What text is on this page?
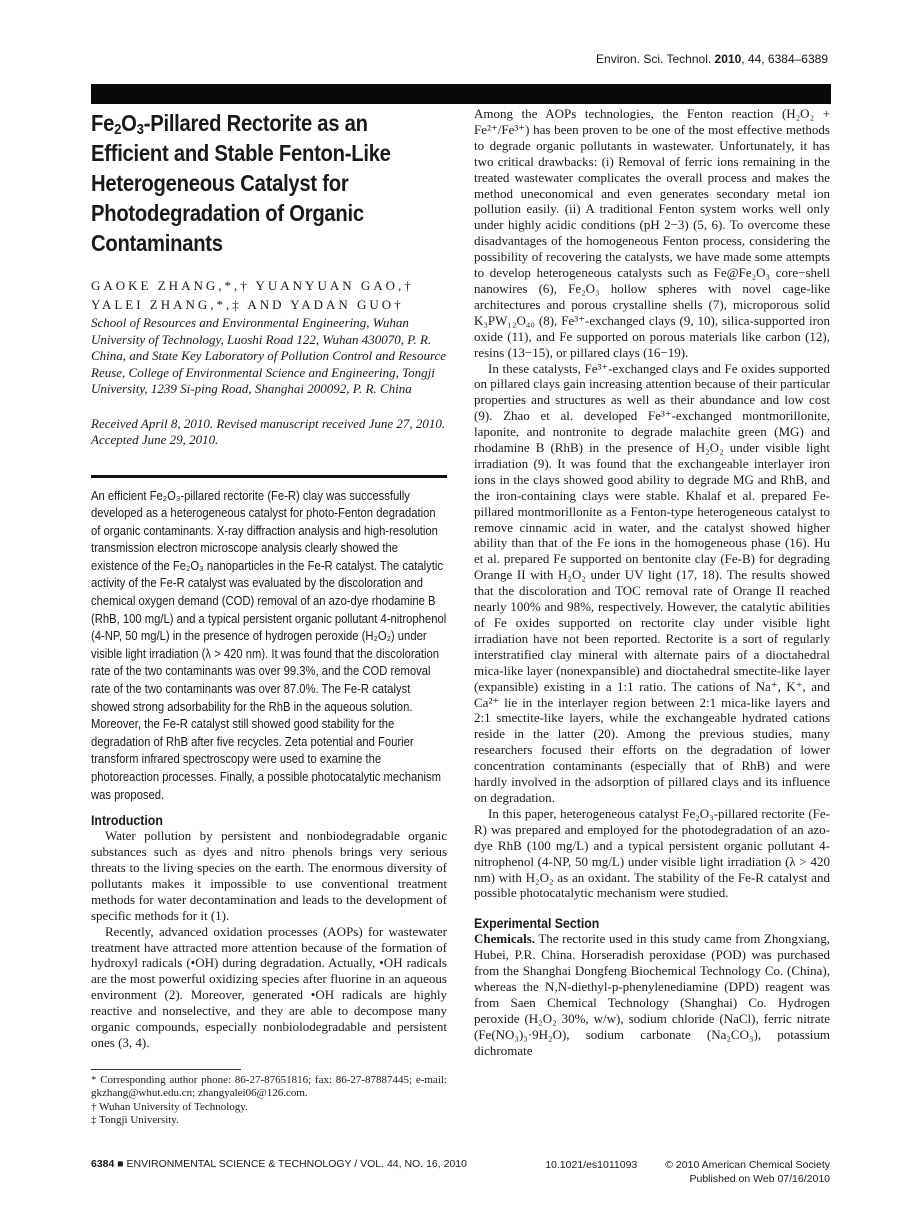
Environ. Sci. Technol. 2010, 44, 6384–6389
$Fe_2O_3$-Pillared Rectorite as an Efficient and Stable Fenton-Like Heterogeneous Catalyst for Photodegradation of Organic Contaminants
GAOKE ZHANG,*,† YUANYUAN GAO,†
YALEI ZHANG,*,‡ AND YADAN GUO†
School of Resources and Environmental Engineering, Wuhan University of Technology, Luoshi Road 122, Wuhan 430070, P. R. China, and State Key Laboratory of Pollution Control and Resource Reuse, College of Environmental Science and Engineering, Tongji University, 1239 Si-ping Road, Shanghai 200092, P. R. China
Received April 8, 2010. Revised manuscript received June 27, 2010. Accepted June 29, 2010.
An efficient Fe₂O₃-pillared rectorite (Fe-R) clay was successfully developed as a heterogeneous catalyst for photo-Fenton degradation of organic contaminants. X-ray diffraction analysis and high-resolution transmission electron microscope analysis clearly showed the existence of the Fe₂O₃ nanoparticles in the Fe-R catalyst. The catalytic activity of the Fe-R catalyst was evaluated by the discoloration and chemical oxygen demand (COD) removal of an azo-dye rhodamine B (RhB, 100 mg/L) and a typical persistent organic pollutant 4-nitrophenol (4-NP, 50 mg/L) in the presence of hydrogen peroxide (H₂O₂) under visible light irradiation (λ > 420 nm). It was found that the discoloration rate of the two contaminants was over 99.3%, and the COD removal rate of the two contaminants was over 87.0%. The Fe-R catalyst showed strong adsorbability for the RhB in the aqueous solution. Moreover, the Fe-R catalyst still showed good stability for the degradation of RhB after five recycles. Zeta potential and Fourier transform infrared spectroscopy were used to examine the photoreaction processes. Finally, a possible photocatalytic mechanism was proposed.
Introduction

Water pollution by persistent and nonbiodegradable organic substances such as dyes and nitro phenols brings very serious threats to the living species on the earth. The enormous diversity of pollutants makes it impossible to use conventional treatment methods for water decontamination and leads to the development of specific methods for it (1).

Recently, advanced oxidation processes (AOPs) for wastewater treatment have attracted more attention because of the formation of hydroxyl radicals (•OH) during degradation. Actually, •OH radicals are the most powerful oxidizing species after fluorine in an aqueous environment (2). Moreover, generated •OH radicals are highly reactive and nonselective, and they are able to decompose many organic compounds, especially nonbiolodegradable and persistent ones (3, 4).

* Corresponding author phone: 86-27-87651816; fax: 86-27-87887445; e-mail: gkzhang@whut.edu.cn; zhangyalei06@126.com.
† Wuhan University of Technology.
‡ Tongji University.

Among the AOPs technologies, the Fenton reaction (H₂O₂ + Fe²⁺/Fe³⁺) has been proven to be one of the most effective methods to degrade organic pollutants in wastewater. Unfortunately, it has two critical drawbacks: (i) Removal of ferric ions remaining in the treated wastewater complicates the overall process and makes the method uneconomical and even generates secondary metal ion pollution easily. (ii) A traditional Fenton system works well only under highly acidic conditions (pH 2−3) (5, 6). To overcome these disadvantages of the homogeneous Fenton process, considering the possibility of recovering the catalysts, we have made some attempts to develop heterogeneous catalysts such as Fe@Fe₂O₃ core−shell nanowires (6), Fe₂O₃ hollow spheres with novel cage-like architectures and porous crystalline shells (7), microporous solid K₃PW₁₂O₄₀ (8), Fe³⁺-exchanged clays (9, 10), silica-supported iron oxide (11), and Fe supported on porous materials like carbon (12), resins (13−15), or pillared clays (16−19).

In these catalysts, Fe³⁺-exchanged clays and Fe oxides supported on pillared clays gain increasing attention because of their particular properties and structures as well as their abundance and low cost (9). Zhao et al. developed Fe³⁺-exchanged montmorillonite, laponite, and nontronite to degrade malachite green (MG) and rhodamine B (RhB) in the presence of H₂O₂ under visible light irradiation (9). It was found that the exchangeable interlayer iron ions in the clays showed good ability to degrade MG and RhB, and the iron-containing clays were stable. Khalaf et al. prepared Fe-pillared montmorillonite as a Fenton-type heterogeneous catalyst to remove cinnamic acid in water, and the catalyst showed higher ability than that of the Fe ions in the homogeneous phase (16). Hu et al. prepared Fe supported on bentonite clay (Fe-B) for degrading Orange II with H₂O₂ under UV light (17, 18). The results showed that the discoloration and TOC removal rate of Orange II reached nearly 100% and 98%, respectively. However, the catalytic abilities of Fe oxides supported on rectorite clay under visible light irradiation have not been reported. Rectorite is a sort of regularly interstratified clay mineral with alternate pairs of a dioctahedral mica-like layer (nonexpansible) and dioctahedral smectite-like layer (expansible) existing in a 1:1 ratio. The cations of Na⁺, K⁺, and Ca²⁺ lie in the interlayer region between 2:1 mica-like layers and 2:1 smectite-like layers, while the exchangeable hydrated cations reside in the latter (20). Among the previous studies, many researchers focused their efforts on the degradation of lower concentration contaminants (especially that of RhB) and were hardly involved in the adsorption of pillared clays and its influence on degradation.

In this paper, heterogeneous catalyst Fe₂O₃-pillared rectorite (Fe-R) was prepared and employed for the photodegradation of an azo-dye RhB (100 mg/L) and a typical persistent organic pollutant 4-nitrophenol (4-NP, 50 mg/L) under visible light irradiation (λ > 420 nm) with H₂O₂ as an oxidant. The stability of the Fe-R catalyst and possible photocatalytic mechanism were studied.

Experimental Section

Chemicals. The rectorite used in this study came from Zhongxiang, Hubei, P.R. China. Horseradish peroxidase (POD) was purchased from the Shanghai Dongfeng Biochemical Technology Co. (China), whereas the N,N-diethyl-p-phenylenediamine (DPD) reagent was from Saen Chemical Technology (Shanghai) Co. Hydrogen peroxide (H₂O₂ 30%, w/w), sodium chloride (NaCl), ferric nitrate (Fe(NO₃)₃·9H₂O), sodium carbonate (Na₂CO₃), potassium dichromate

6384 ■ ENVIRONMENTAL SCIENCE & TECHNOLOGY / VOL. 44, NO. 16, 2010	10.1021/es1011093	© 2010 American Chemical Society
Published on Web 07/16/2010
